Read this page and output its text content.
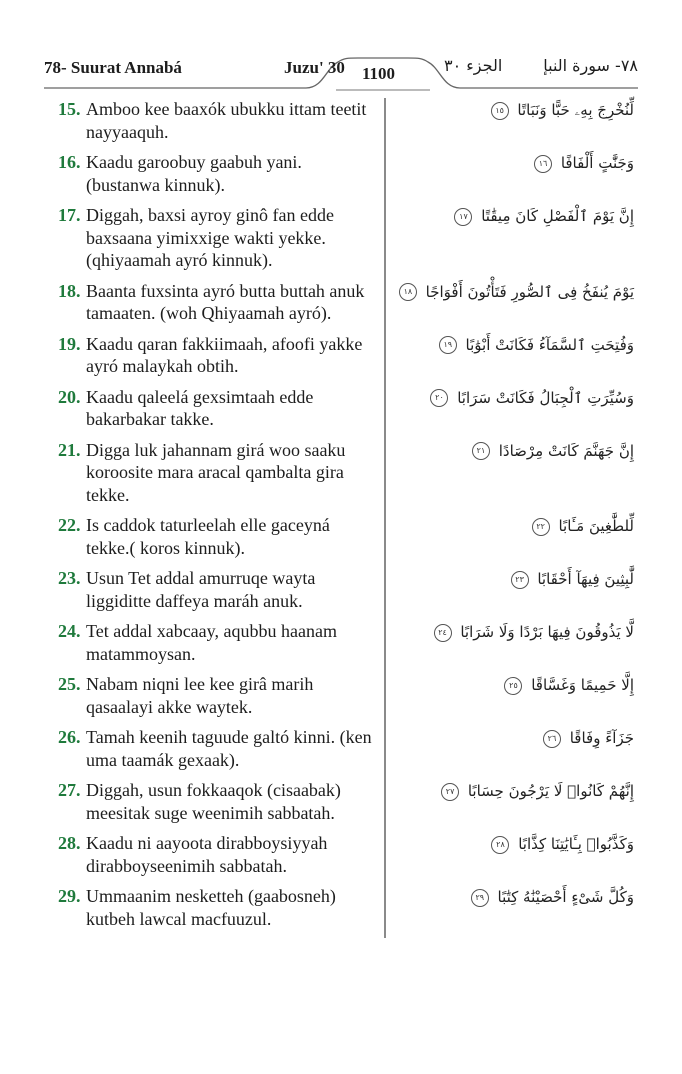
78- Suurat Annabá	Juzu' 30 1100	الجزء ٣٠	٧٨- سورة النبإ
15. Amboo kee baaxók ubukku ittam teetit nayyaaquh.
لِّنُخْرِجَ بِهِۦ حَبًّا وَنَبَاتًا ١٥
16. Kaadu garoobuy gaabuh yani. (bustanwa kinnuk).
وَجَنَّٰتٍ أَلْفَافًا ١٦
17. Diggah, baxsi ayroy ginô fan edde baxsaana yimixxige wakti yekke. (qhiyaamah ayró kinnuk).
إِنَّ يَوْمَ ٱلْفَصْلِ كَانَ مِيقَٰتًا ١٧
18. Baanta fuxsinta ayró butta buttah anuk tamaaten. (woh Qhiyaamah ayró).
يَوْمَ يُنفَخُ فِى ٱلصُّورِ فَتَأْتُونَ أَفْوَاجًا ١٨
19. Kaadu qaran fakkiimaah, afoofi yakke ayró malaykah obtih.
وَفُتِحَتِ ٱلسَّمَآءُ فَكَانَتْ أَبْوَٰبًا ١٩
20. Kaadu qaleelá gexsimtaah edde bakarbakar takke.
وَسُيِّرَتِ ٱلْجِبَالُ فَكَانَتْ سَرَابًا ٢٠
21. Digga luk jahannam girá woo saaku koroosite mara aracal qambalta gira tekke.
إِنَّ جَهَنَّمَ كَانَتْ مِرْصَادًا ٢١
22. Is caddok taturleelah elle gaceyná tekke.( koros kinnuk).
لِّلطَّٰغِينَ مَـَٔابًا ٢٢
23. Usun Tet addal amurruqe wayta liggiditte daffeya maráh anuk.
لَّٰبِثِينَ فِيهَآ أَحْقَابًا ٢٣
24. Tet addal xabcaay, aqubbu haanam matammoysan.
لَّا يَذُوقُونَ فِيهَا بَرْدًا وَلَا شَرَابًا ٢٤
25. Nabam niqni lee kee girâ marih qasaalayi akke waytek.
إِلَّا حَمِيمًا وَغَسَّاقًا ٢٥
26. Tamah keenih taguude galtó kinni. (ken uma taamák gexaak).
جَزَآءً وِفَاقًا ٢٦
27. Diggah, usun fokkaaqok (cisaabak) meesitak suge weenimih sabbatah.
إِنَّهُمْ كَانُوا۟ لَا يَرْجُونَ حِسَابًا ٢٧
28. Kaadu ni aayoota dirabboysiyyah dirabboyseenimih sabbatah.
وَكَذَّبُوا۟ بِـَٔايَٰتِنَا كِذَّابًا ٢٨
29. Ummaanim nesketteh (gaabosneh) kutbeh lawcal macfuuzul.
وَكُلَّ شَىْءٍ أَحْصَيْنَٰهُ كِتَٰبًا ٢٩
